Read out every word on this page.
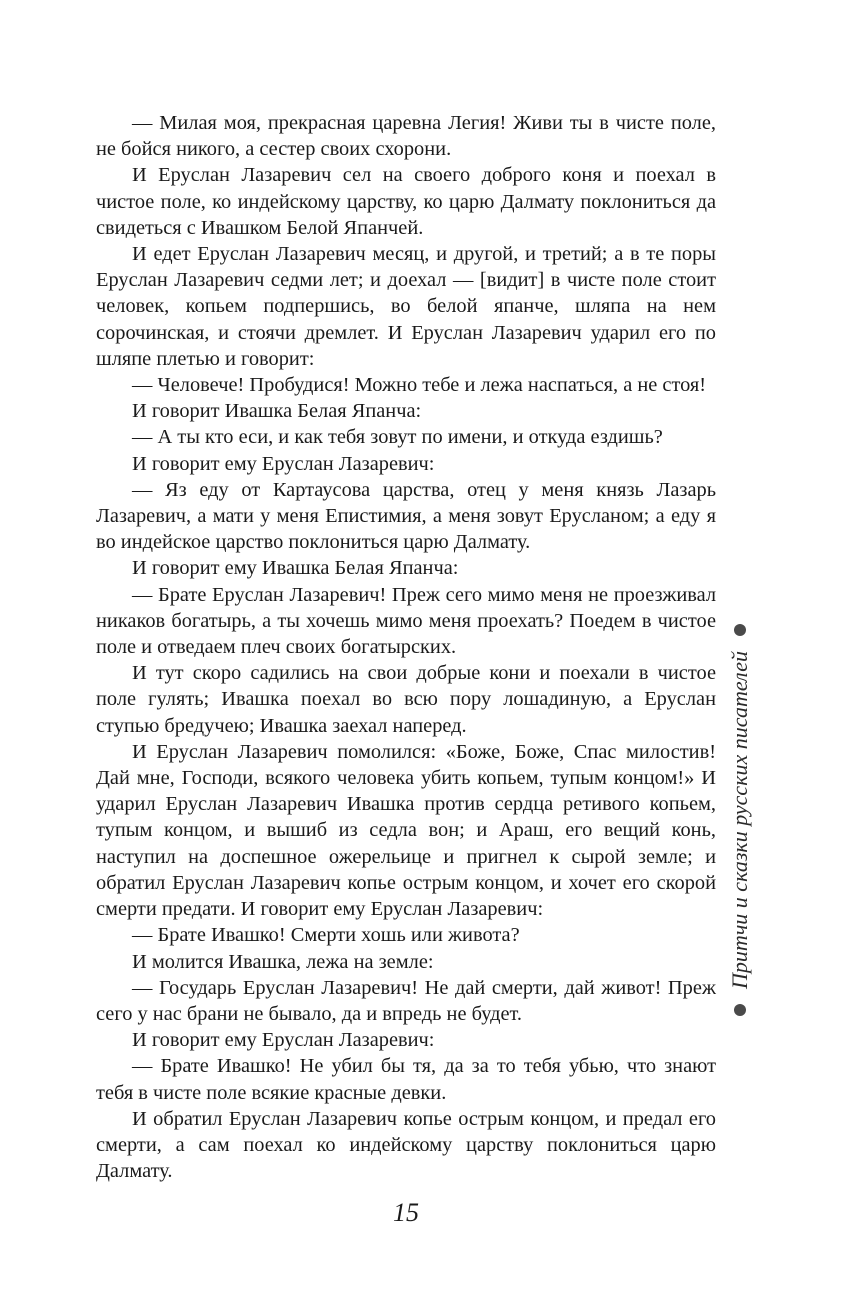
— Милая моя, прекрасная царевна Легия! Живи ты в чисте поле, не бойся никого, а сестер своих схорони.

И Еруслан Лазаревич сел на своего доброго коня и поехал в чистое поле, ко индейскому царству, ко царю Далмату поклониться да свидеться с Ивашком Белой Япанчей.

И едет Еруслан Лазаревич месяц, и другой, и третий; а в те поры Еруслан Лазаревич седми лет; и доехал — [видит] в чисте поле стоит человек, копьем подпершись, во белой япанче, шляпа на нем сорочинская, и стоячи дремлет. И Еруслан Лазаревич ударил его по шляпе плетью и говорит:

— Человече! Пробудися! Можно тебе и лежа наспаться, а не стоя!

И говорит Ивашка Белая Япанча:

— А ты кто еси, и как тебя зовут по имени, и откуда ездишь?

И говорит ему Еруслан Лазаревич:

— Яз еду от Картаусова царства, отец у меня князь Лазарь Лазаревич, а мати у меня Епистимия, а меня зовут Еруслaном; а еду я во индейское царство поклониться царю Далмату.

И говорит ему Ивашка Белая Япанча:

— Брате Еруслан Лазаревич! Преж сего мимо меня не проезживал никаков богатырь, а ты хочешь мимо меня проехать? Поедем в чистое поле и отведаем плеч своих богатырских.

И тут скоро садились на свои добрые кони и поехали в чистое поле гулять; Ивашка поехал во всю пору лошадиную, а Еруслан ступью бредучею; Ивашка заехал наперед.

И Еруслан Лазаревич помолился: «Боже, Боже, Спас милостив! Дай мне, Господи, всякого человека убить копьем, тупым концом!» И ударил Еруслан Лазаревич Ивашка против сердца ретивого копьем, тупым концом, и вышиб из седла вон; и Араш, его вещий конь, наступил на доспешное ожерельице и пригнел к сырой земле; и обратил Еруслан Лазаревич копье острым концом, и хочет его скорой смерти предати. И говорит ему Еруслан Лазаревич:

— Брате Ивашко! Смерти хошь или живота?

И молится Ивашка, лежа на земле:

— Государь Еруслан Лазаревич! Не дай смерти, дай живот! Преж сего у нас брани не бывало, да и впредь не будет.

И говорит ему Еруслан Лазаревич:

— Брате Ивашко! Не убил бы тя, да за то тебя убью, что знают тебя в чисте поле всякие красные девки.

И обратил Еруслан Лазаревич копье острым концом, и предал его смерти, а сам поехал ко индейскому царству поклониться царю Далмату.

Притчи и сказки русских писателей
15
